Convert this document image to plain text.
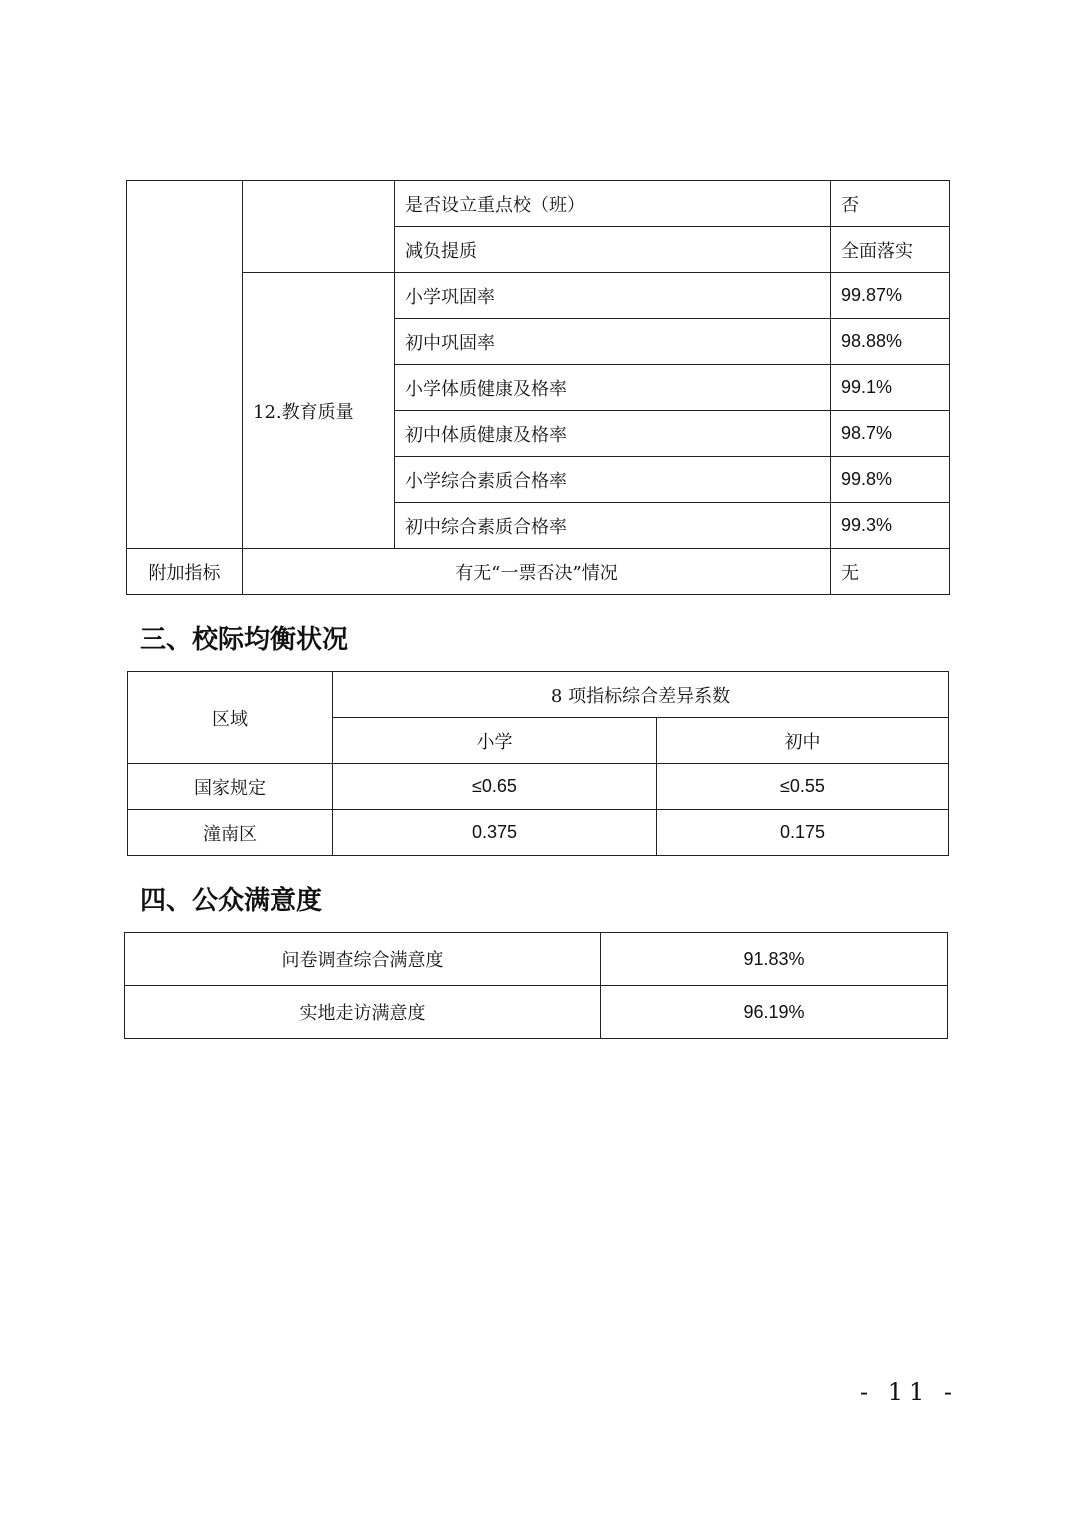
		是否设立重点校（班）	否
		减负提质	全面落实
	12.教育质量	小学巩固率	99.87%
		初中巩固率	98.88%
		小学体质健康及格率	99.1%
		初中体质健康及格率	98.7%
		小学综合素质合格率	99.8%
		初中综合素质合格率	99.3%
附加指标	有无“一票否决”情况		无
三、校际均衡状况
区域	8 项指标综合差异系数	
	小学	初中
国家规定	≤0.65	≤0.55
潼南区	0.375	0.175
四、公众满意度
问卷调查综合满意度	91.83%
实地走访满意度	96.19%
- 11 -
